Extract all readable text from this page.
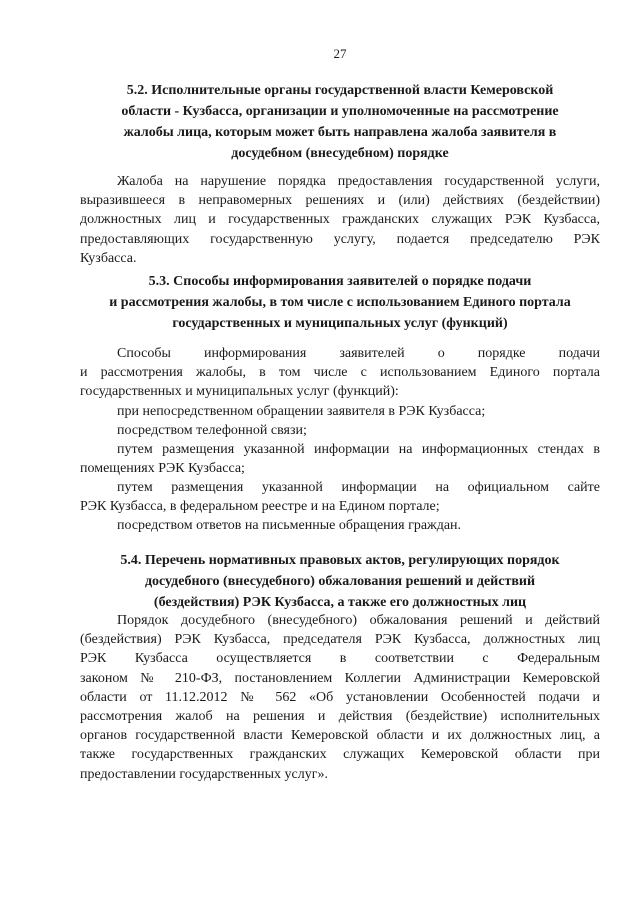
27
5.2. Исполнительные органы государственной власти Кемеровской
области - Кузбасса, организации и уполномоченные на рассмотрение
жалобы лица, которым может быть направлена жалоба заявителя в
досудебном (внесудебном) порядке
Жалоба на нарушение порядка предоставления государственной услуги,
выразившееся в неправомерных решениях и (или) действиях (бездействии)
должностных лиц и государственных гражданских служащих РЭК Кузбасса,
предоставляющих государственную услугу, подается председателю РЭК
Кузбасса.
5.3. Способы информирования заявителей о порядке подачи
и рассмотрения жалобы, в том числе с использованием Единого портала
государственных и муниципальных услуг (функций)
Способы информирования заявителей о порядке подачи
и рассмотрения жалобы, в том числе с использованием Единого портала
государственных и муниципальных услуг (функций):
при непосредственном обращении заявителя в РЭК Кузбасса;
посредством телефонной связи;
путем размещения указанной информации на информационных стендах в
помещениях РЭК Кузбасса;
путем размещения указанной информации на официальном сайте
РЭК Кузбасса, в федеральном реестре и на Едином портале;
посредством ответов на письменные обращения граждан.
5.4. Перечень нормативных правовых актов, регулирующих порядок
досудебного (внесудебного) обжалования решений и действий
(бездействия) РЭК Кузбасса, а также его должностных лиц
Порядок досудебного (внесудебного) обжалования решений и действий
(бездействия) РЭК Кузбасса, председателя РЭК Кузбасса, должностных лиц
РЭК Кузбасса осуществляется в соответствии с Федеральным
законом № 210-ФЗ, постановлением Коллегии Администрации Кемеровской
области от 11.12.2012 № 562 «Об установлении Особенностей подачи и
рассмотрения жалоб на решения и действия (бездействие) исполнительных
органов государственной власти Кемеровской области и их должностных лиц, а
также государственных гражданских служащих Кемеровской области при
предоставлении государственных услуг».
